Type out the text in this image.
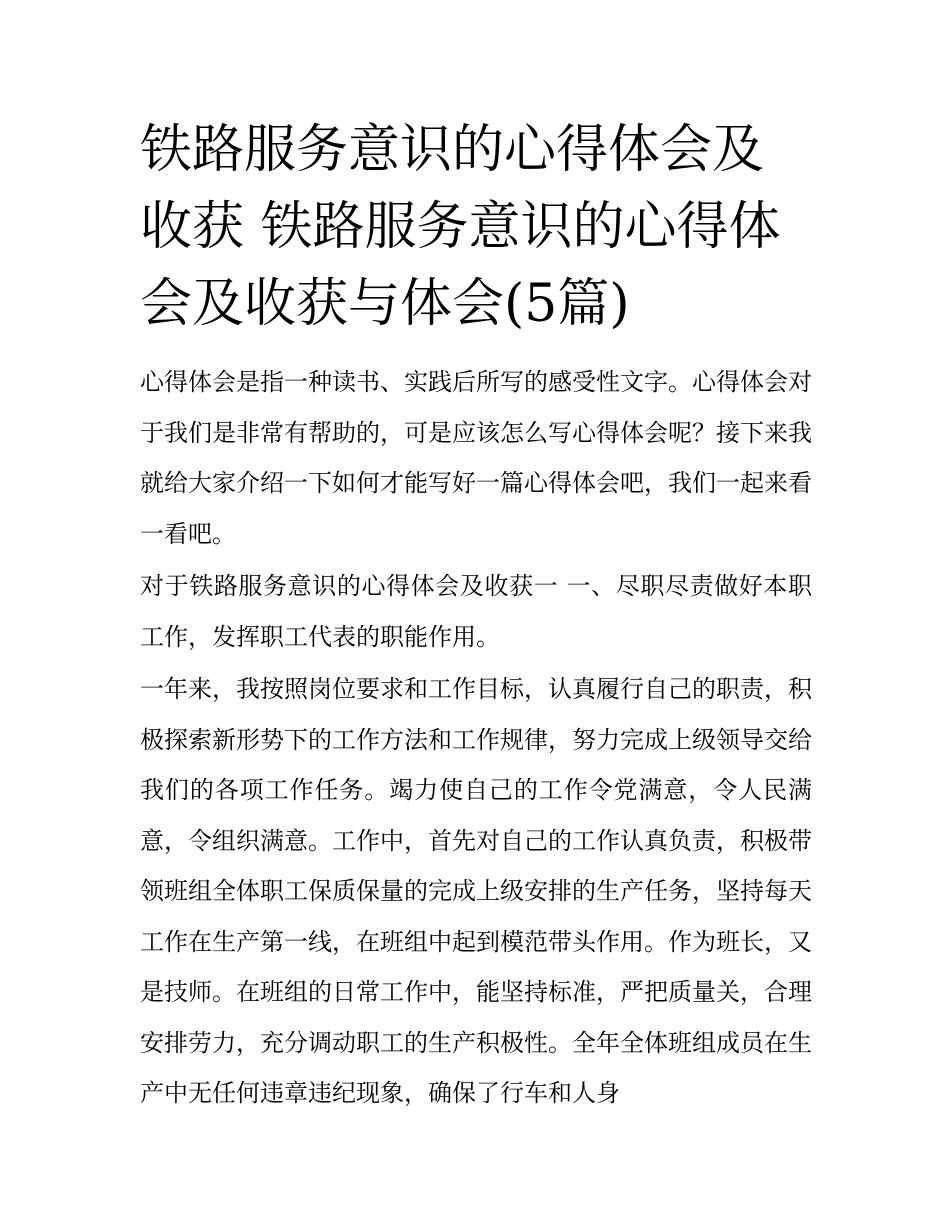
铁路服务意识的心得体会及收获 铁路服务意识的心得体会及收获与体会(5篇)

心得体会是指一种读书、实践后所写的感受性文字。心得体会对于我们是非常有帮助的，可是应该怎么写心得体会呢？接下来我就给大家介绍一下如何才能写好一篇心得体会吧，我们一起来看一看吧。

对于铁路服务意识的心得体会及收获一 一、尽职尽责做好本职工作，发挥职工代表的职能作用。

一年来，我按照岗位要求和工作目标，认真履行自己的职责，积极探索新形势下的工作方法和工作规律，努力完成上级领导交给我们的各项工作任务。竭力使自己的工作令党满意，令人民满意，令组织满意。工作中，首先对自己的工作认真负责，积极带领班组全体职工保质保量的完成上级安排的生产任务，坚持每天工作在生产第一线，在班组中起到模范带头作用。作为班长，又是技师。在班组的日常工作中，能坚持标准，严把质量关，合理安排劳力，充分调动职工的生产积极性。全年全体班组成员在生产中无任何违章违纪现象，确保了行车和人身
